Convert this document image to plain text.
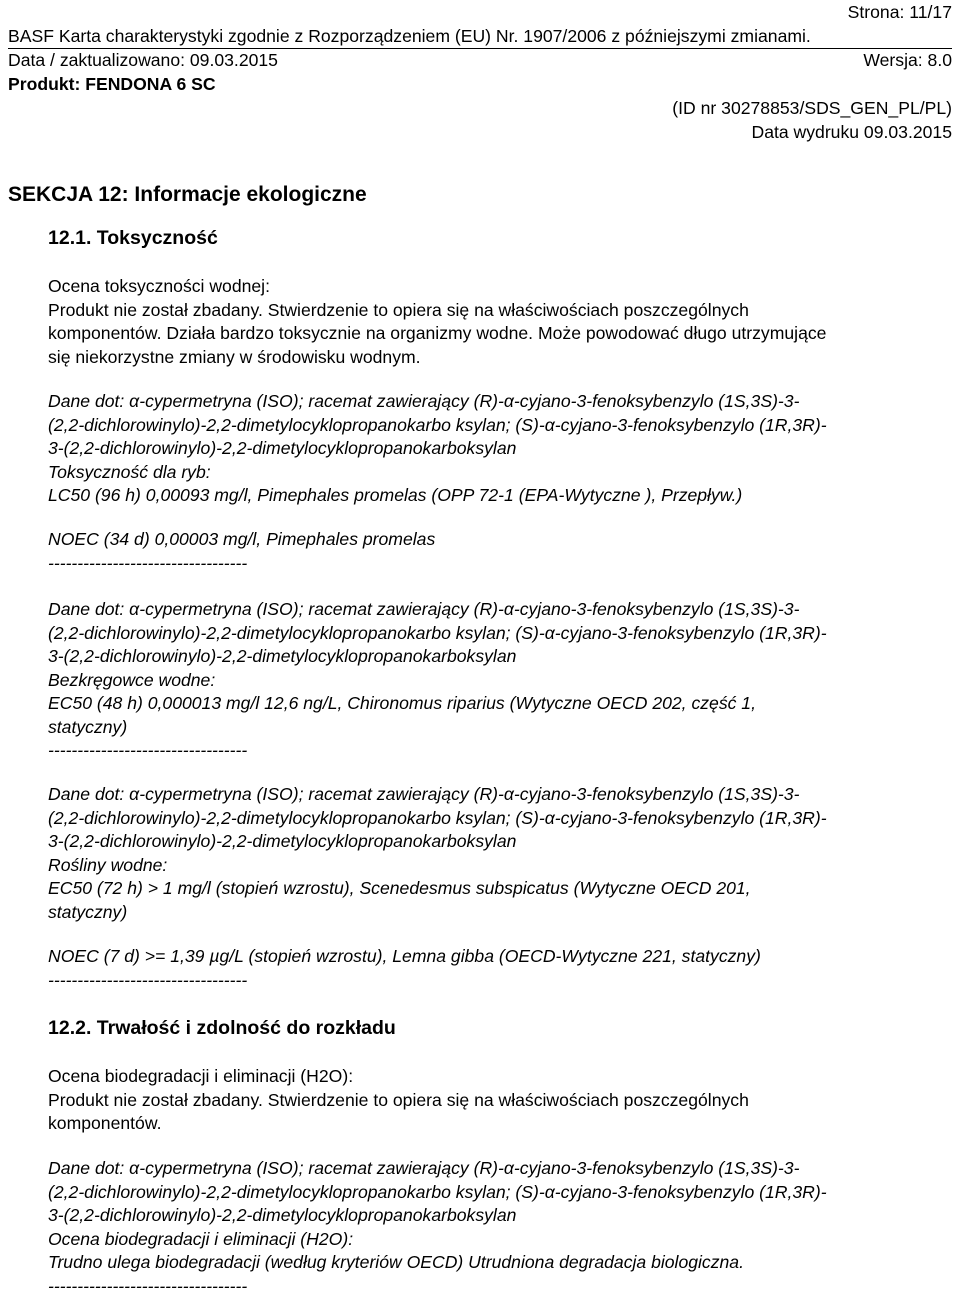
Strona: 11/17
BASF Karta charakterystyki zgodnie z Rozporządzeniem (EU) Nr. 1907/2006 z późniejszymi zmianami.
Data / zaktualizowano: 09.03.2015	Wersja: 8.0
Produkt: FENDONA 6 SC
(ID nr 30278853/SDS_GEN_PL/PL)
Data wydruku 09.03.2015
SEKCJA 12: Informacje ekologiczne
12.1. Toksyczność

Ocena toksyczności wodnej:

Produkt nie został zbadany. Stwierdzenie to opiera się na właściwościach poszczególnych

komponentów. Działa bardzo toksycznie na organizmy wodne. Może powodować długo utrzymujące

się niekorzystne zmiany w środowisku wodnym.

Dane dot: α-cypermetryna (ISO); racemat zawierający (R)-α-cyjano-3-fenoksybenzylo (1S,3S)-3-

(2,2-dichlorowinylo)-2,2-dimetylocyklopropanokarbo ksylan; (S)-α-cyjano-3-fenoksybenzylo (1R,3R)-

3-(2,2-dichlorowinylo)-2,2-dimetylocyklopropanokarboksylan

Toksyczność dla ryb:

LC50 (96 h) 0,00093 mg/l, Pimephales promelas (OPP 72-1 (EPA-Wytyczne ), Przepływ.)

NOEC (34 d) 0,00003 mg/l, Pimephales promelas

----------------------------------

Dane dot: α-cypermetryna (ISO); racemat zawierający (R)-α-cyjano-3-fenoksybenzylo (1S,3S)-3-

(2,2-dichlorowinylo)-2,2-dimetylocyklopropanokarbo ksylan; (S)-α-cyjano-3-fenoksybenzylo (1R,3R)-

3-(2,2-dichlorowinylo)-2,2-dimetylocyklopropanokarboksylan

Bezkręgowce wodne:

EC50 (48 h) 0,000013 mg/l 12,6 ng/L, Chironomus riparius (Wytyczne OECD 202, część 1,

statyczny)

----------------------------------

Dane dot: α-cypermetryna (ISO); racemat zawierający (R)-α-cyjano-3-fenoksybenzylo (1S,3S)-3-

(2,2-dichlorowinylo)-2,2-dimetylocyklopropanokarbo ksylan; (S)-α-cyjano-3-fenoksybenzylo (1R,3R)-

3-(2,2-dichlorowinylo)-2,2-dimetylocyklopropanokarboksylan

Rośliny wodne:

EC50 (72 h) > 1 mg/l (stopień wzrostu), Scenedesmus subspicatus (Wytyczne OECD 201,

statyczny)

NOEC (7 d) >= 1,39 µg/L (stopień wzrostu), Lemna gibba (OECD-Wytyczne 221, statyczny)

----------------------------------

12.2. Trwałość i zdolność do rozkładu

Ocena biodegradacji i eliminacji (H2O):

Produkt nie został zbadany. Stwierdzenie to opiera się na właściwościach poszczególnych

komponentów.

Dane dot: α-cypermetryna (ISO); racemat zawierający (R)-α-cyjano-3-fenoksybenzylo (1S,3S)-3-

(2,2-dichlorowinylo)-2,2-dimetylocyklopropanokarbo ksylan; (S)-α-cyjano-3-fenoksybenzylo (1R,3R)-

3-(2,2-dichlorowinylo)-2,2-dimetylocyklopropanokarboksylan

Ocena biodegradacji i eliminacji (H2O):

Trudno ulega biodegradacji (według kryteriów OECD) Utrudniona degradacja biologiczna.

----------------------------------
